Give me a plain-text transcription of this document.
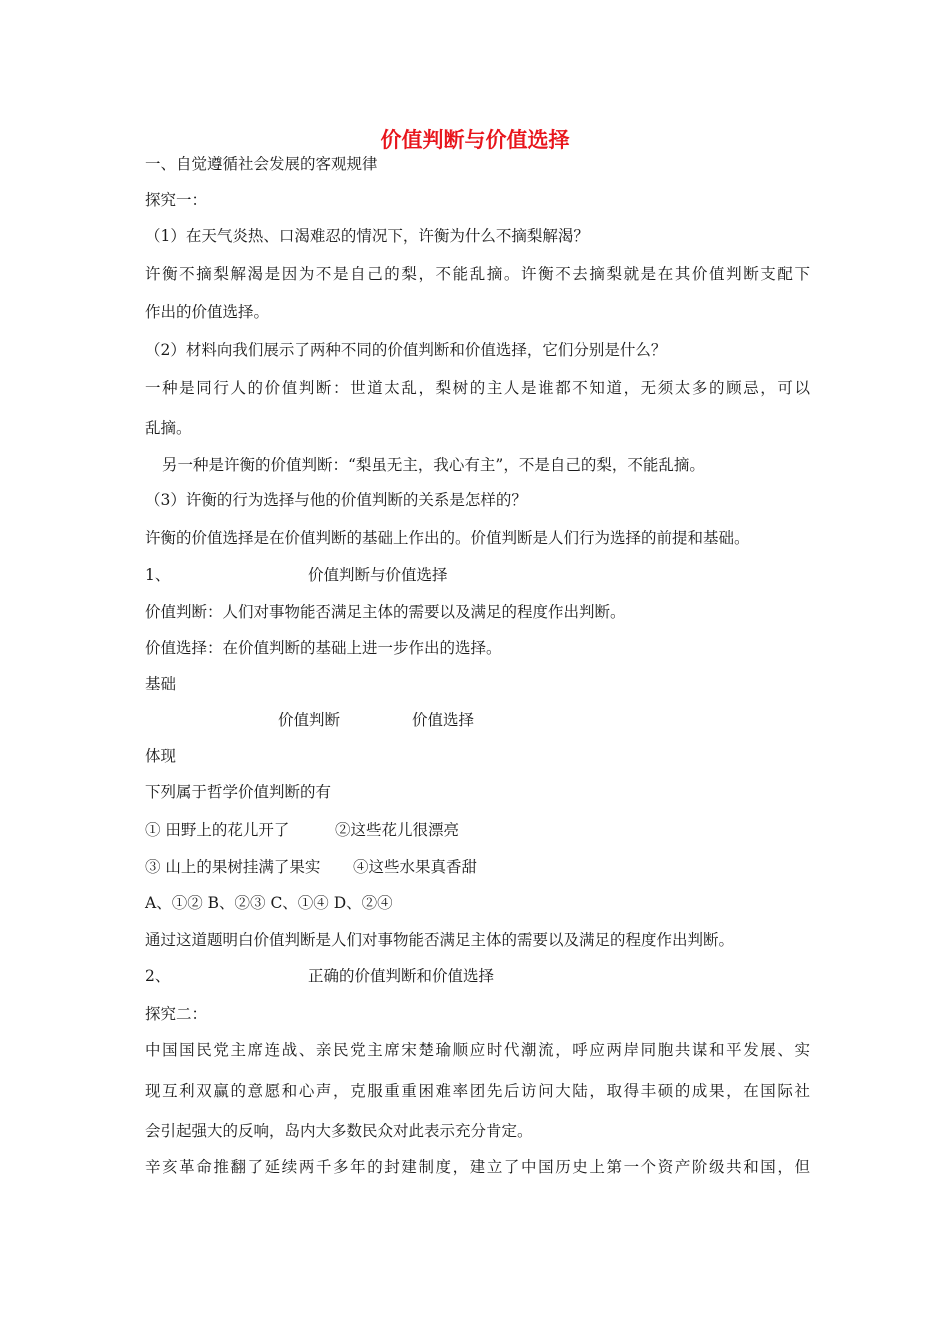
价值判断与价值选择
一、自觉遵循社会发展的客观规律
探究一：
（1）在天气炎热、口渴难忍的情况下，许衡为什么不摘梨解渴？
许衡不摘梨解渴是因为不是自己的梨，不能乱摘。许衡不去摘梨就是在其价值判断支配下
作出的价值选择。
（2）材料向我们展示了两种不同的价值判断和价值选择，它们分别是什么？
一种是同行人的价值判断：世道太乱，梨树的主人是谁都不知道，无须太多的顾忌，可以
乱摘。
另一种是许衡的价值判断：“梨虽无主，我心有主”，不是自己的梨，不能乱摘。
（3）许衡的行为选择与他的价值判断的关系是怎样的？
许衡的价值选择是在价值判断的基础上作出的。价值判断是人们行为选择的前提和基础。
1、	价值判断与价值选择
价值判断：人们对事物能否满足主体的需要以及满足的程度作出判断。
价值选择：在价值判断的基础上进一步作出的选择。
基础
价值判断	价值选择
体现
下列属于哲学价值判断的有
① 田野上的花儿开了	②这些花儿很漂亮
③ 山上的果树挂满了果实 ④这些水果真香甜
A、①② B、②③ C、①④ D、②④
通过这道题明白价值判断是人们对事物能否满足主体的需要以及满足的程度作出判断。
2、	正确的价值判断和价值选择
探究二：
中国国民党主席连战、亲民党主席宋楚瑜顺应时代潮流，呼应两岸同胞共谋和平发展、实
现互利双赢的意愿和心声，克服重重困难率团先后访问大陆，取得丰硕的成果，在国际社
会引起强大的反响，岛内大多数民众对此表示充分肯定。
辛亥革命推翻了延续两千多年的封建制度，建立了中国历史上第一个资产阶级共和国，但
